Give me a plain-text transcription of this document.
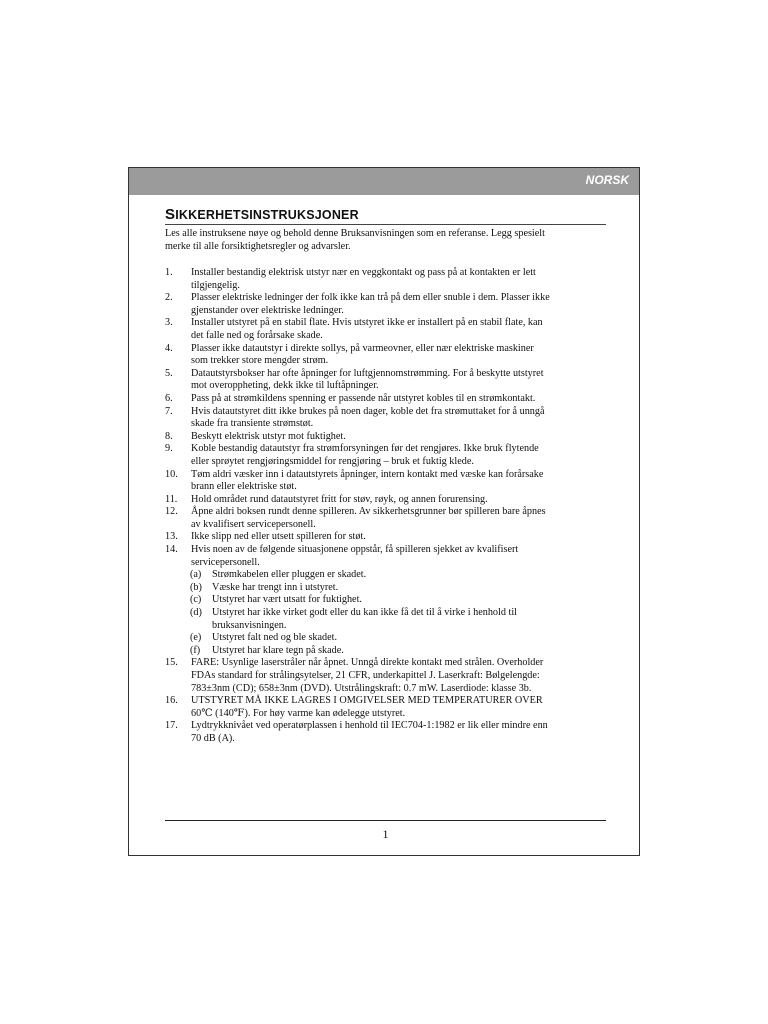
NORSK
SIKKERHETSINSTRUKSJONER
Les alle instruksene nøye og behold denne Bruksanvisningen som en referanse. Legg spesielt
merke til alle forsiktighetsregler og advarsler.
1. Installer bestandig elektrisk utstyr nær en veggkontakt og pass på at kontakten er lett
tilgjengelig.
2. Plasser elektriske ledninger der folk ikke kan trå på dem eller snuble i dem. Plasser ikke
gjenstander over elektriske ledninger.
3. Installer utstyret på en stabil flate. Hvis utstyret ikke er installert på en stabil flate, kan
det falle ned og forårsake skade.
4. Plasser ikke datautstyr i direkte sollys, på varmeovner, eller nær elektriske maskiner
som trekker store mengder strøm.
5. Datautstyrsbokser har ofte åpninger for luftgjennomstrømming. For å beskytte utstyret
mot overoppheting, dekk ikke til luftåpninger.
6. Pass på at strømkildens spenning er passende når utstyret kobles til en strømkontakt.
7. Hvis datautstyret ditt ikke brukes på noen dager, koble det fra strømuttaket for å unngå
skade fra transiente strømstøt.
8. Beskytt elektrisk utstyr mot fuktighet.
9. Koble bestandig datautstyr fra strømforsyningen før det rengjøres. Ikke bruk flytende
eller sprøytet rengjøringsmiddel for rengjøring – bruk et fuktig klede.
10. Tøm aldri væsker inn i datautstyrets åpninger, intern kontakt med væske kan forårsake
brann eller elektriske støt.
11. Hold området rund datautstyret fritt for støv, røyk, og annen forurensing.
12. Åpne aldri boksen rundt denne spilleren. Av sikkerhetsgrunner bør spilleren bare åpnes
av kvalifisert servicepersonell.
13. Ikke slipp ned eller utsett spilleren for støt.
14. Hvis noen av de følgende situasjonene oppstår, få spilleren sjekket av kvalifisert
servicepersonell.
(a) Strømkabelen eller pluggen er skadet.
(b) Væske har trengt inn i utstyret.
(c) Utstyret har vært utsatt for fuktighet.
(d) Utstyret har ikke virket godt eller du kan ikke få det til å virke i henhold til
bruksanvisningen.
(e) Utstyret falt ned og ble skadet.
(f) Utstyret har klare tegn på skade.
15. FARE: Usynlige laserstråler når åpnet. Unngå direkte kontakt med strålen. Overholder
FDAs standard for strålingsytelser, 21 CFR, underkapittel J. Laserkraft: Bølgelengde:
783±3nm (CD); 658±3nm (DVD). Utstrålingskraft: 0.7 mW. Laserdiode: klasse 3b.
16. UTSTYRET MÅ IKKE LAGRES I OMGIVELSER MED TEMPERATURER OVER
60℃ (140℉). For høy varme kan ødelegge utstyret.
17. Lydtrykknivået ved operatørplassen i henhold til IEC704-1:1982 er lik eller mindre enn
70 dB (A).
1
